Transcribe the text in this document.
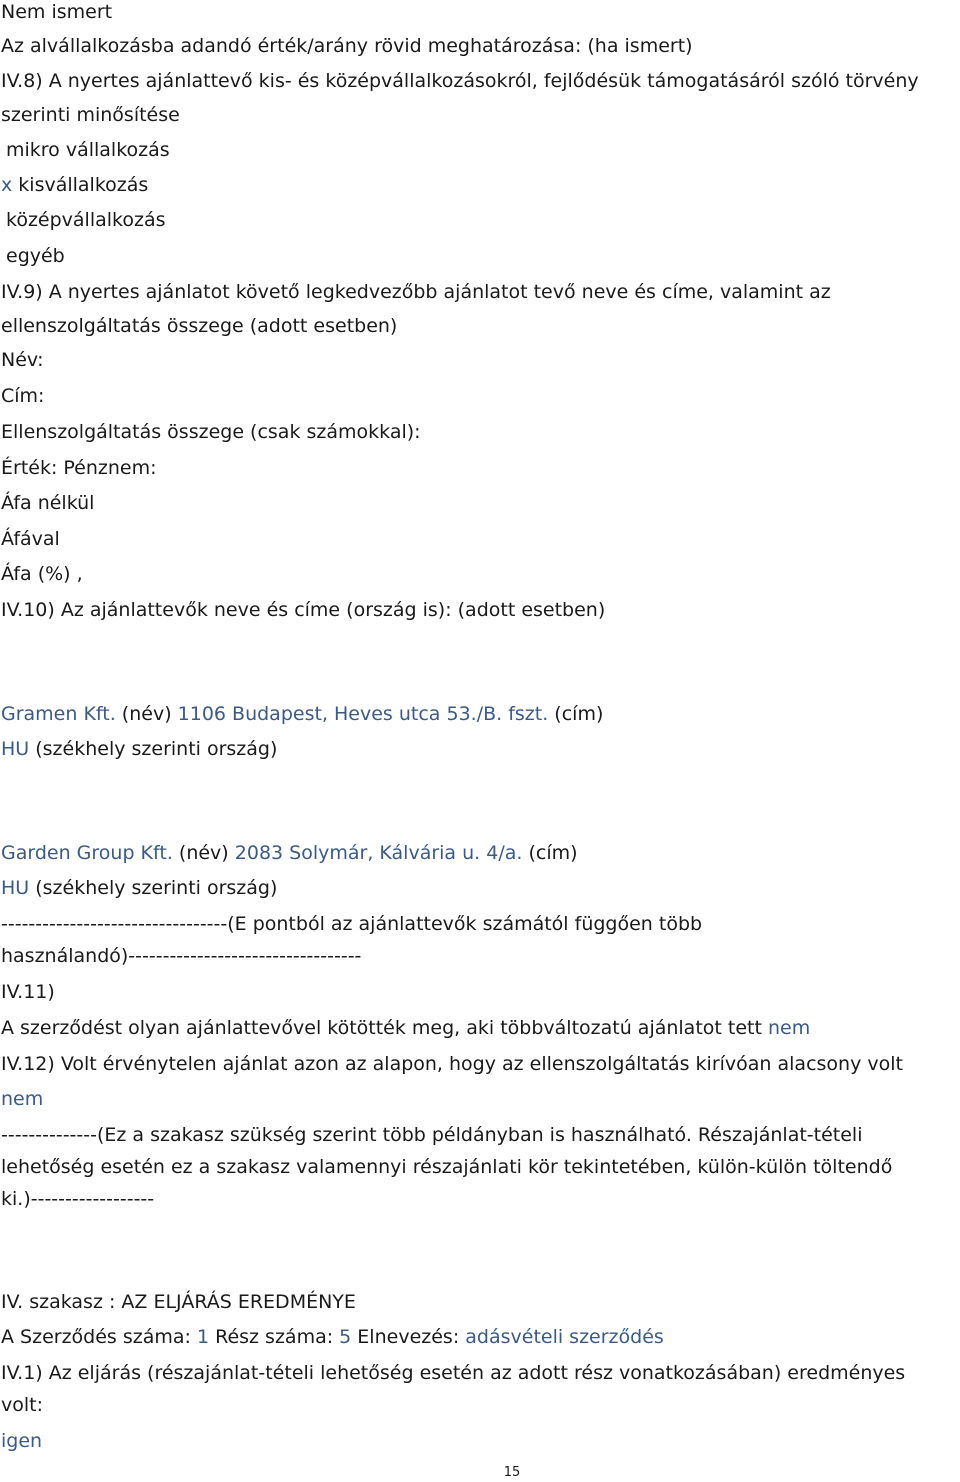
Nem ismert
Az alvállalkozásba adandó érték/arány rövid meghatározása: (ha ismert)
IV.8) A nyertes ajánlattevő kis- és középvállalkozásokról, fejlődésük támogatásáról szóló törvény
szerinti minősítése
mikro vállalkozás
x kisvállalkozás
középvállalkozás
egyéb
IV.9) A nyertes ajánlatot követő legkedvezőbb ajánlatot tevő neve és címe, valamint az
ellenszolgáltatás összege (adott esetben)
Név:
Cím:
Ellenszolgáltatás összege (csak számokkal):
Érték: Pénznem:
Áfa nélkül
Áfával
Áfa (%) ,
IV.10) Az ajánlattevők neve és címe (ország is): (adott esetben)
Gramen Kft. (név) 1106 Budapest, Heves utca 53./B. fszt. (cím)
HU (székhely szerinti ország)
Garden Group Kft. (név) 2083 Solymár, Kálvária u. 4/a. (cím)
HU (székhely szerinti ország)
---------------------------------(E pontból az ajánlattevők számától függően több
használandó)----------------------------------
IV.11)
A szerződést olyan ajánlattevővel kötötték meg, aki többváltozatú ajánlatot tett nem
IV.12) Volt érvénytelen ajánlat azon az alapon, hogy az ellenszolgáltatás kirívóan alacsony volt
nem
--------------(Ez a szakasz szükség szerint több példányban is használható. Részajánlat-tételi
lehetőség esetén ez a szakasz valamennyi részajánlati kör tekintetében, külön-külön töltendő
ki.)------------------
IV. szakasz : AZ ELJÁRÁS EREDMÉNYE
A Szerződés száma: 1 Rész száma: 5 Elnevezés: adásvételi szerződés
IV.1) Az eljárás (részajánlat-tételi lehetőség esetén az adott rész vonatkozásában) eredményes
volt:
igen
15
